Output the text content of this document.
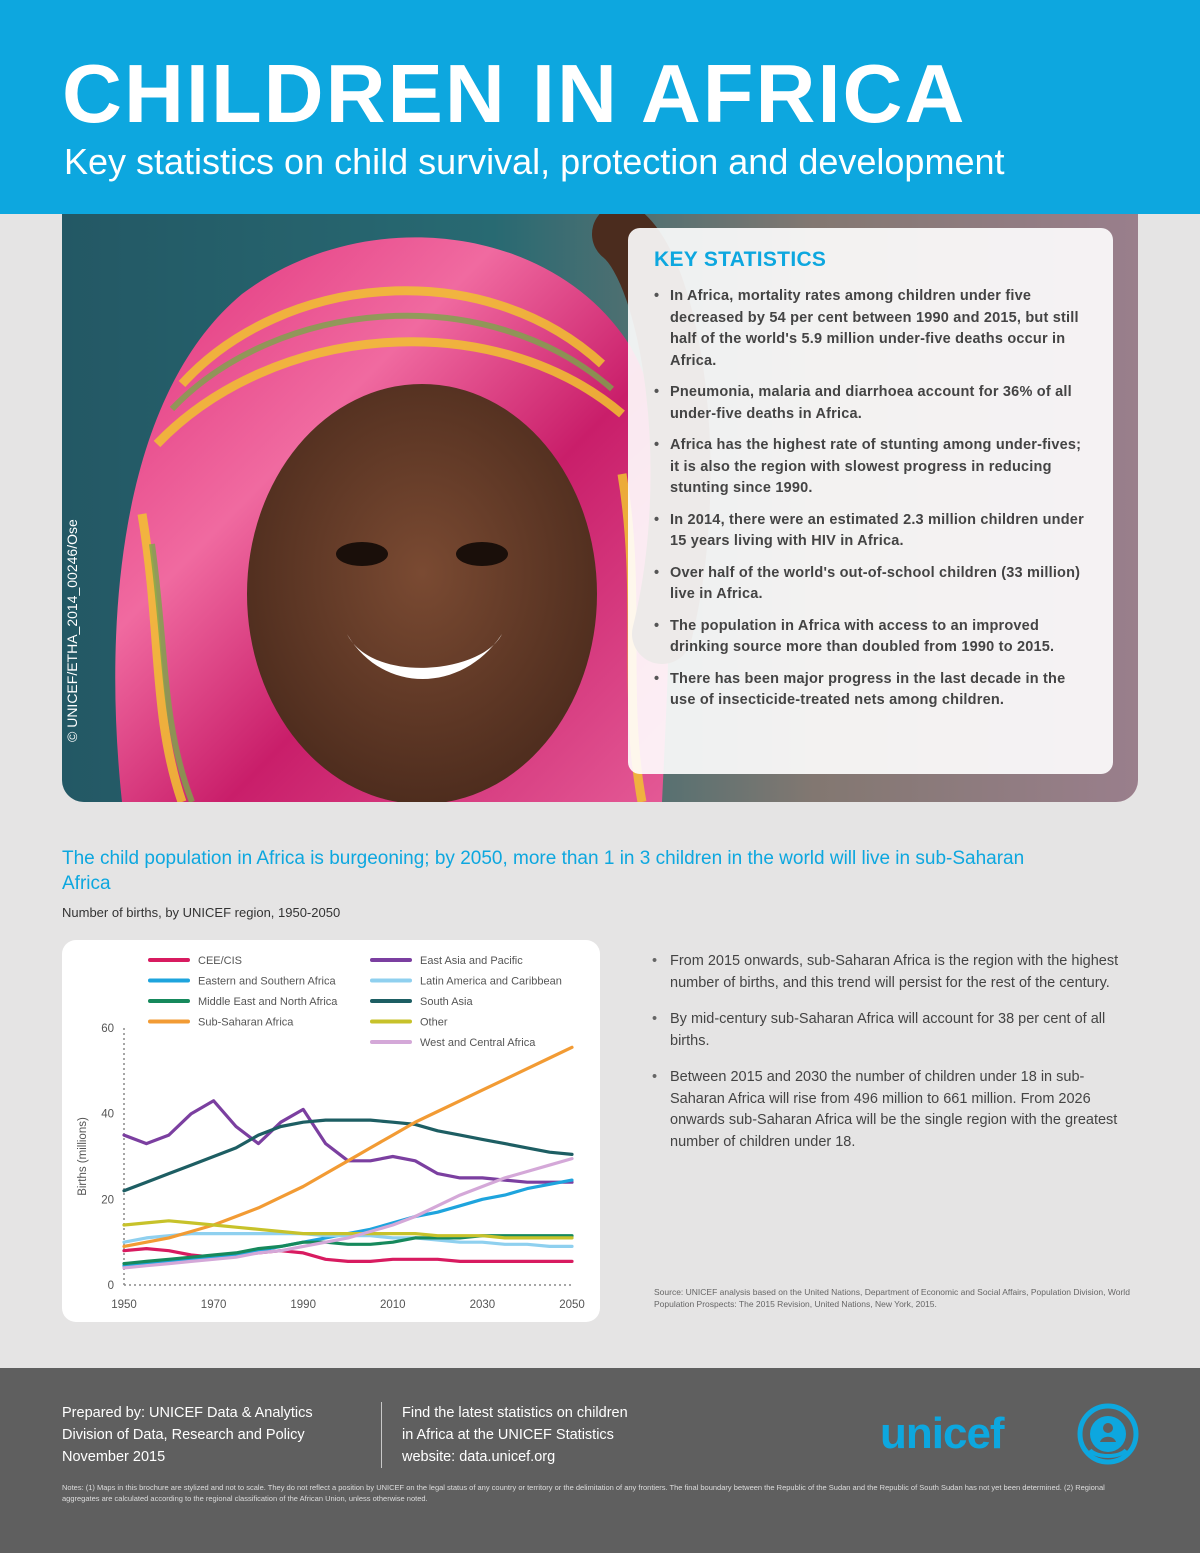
CHILDREN IN AFRICA
Key statistics on child survival, protection and development
© UNICEF/ETHA_2014_00246/Ose
KEY STATISTICS
• In Africa, mortality rates among children under five decreased by 54 per cent between 1990 and 2015, but still half of the world's 5.9 million under-five deaths occur in Africa.
• Pneumonia, malaria and diarrhoea account for 36% of all under-five deaths in Africa.
• Africa has the highest rate of stunting among under-fives; it is also the region with slowest progress in reducing stunting since 1990.
• In 2014, there were an estimated 2.3 million children under 15 years living with HIV in Africa.
• Over half of the world's out-of-school children (33 million) live in Africa.
• The population in Africa with access to an improved drinking source more than doubled from 1990 to 2015.
• There has been major progress in the last decade in the use of insecticide-treated nets among children.
The child population in Africa is burgeoning; by 2050, more than 1 in 3 children in the world will live in sub-Saharan Africa
Number of births, by UNICEF region, 1950-2050
0
20
40
60
1950	1970	1990	2010	2030	2050
Births (millions)
CEE/CIS
Eastern and Southern Africa
Middle East and North Africa
Sub-Saharan Africa
East Asia and Pacific
Latin America and Caribbean
South Asia
Other
West and Central Africa
• From 2015 onwards, sub-Saharan Africa is the region with the highest number of births, and this trend will persist for the rest of the century.
• By mid-century sub-Saharan Africa will account for 38 per cent of all births.
• Between 2015 and 2030 the number of children under 18 in sub-Saharan Africa will rise from 496 million to 661 million. From 2026 onwards sub-Saharan Africa will be the single region with the greatest number of children under 18.
Source: UNICEF analysis based on the United Nations, Department of Economic and Social Affairs, Population Division, World Population Prospects: The 2015 Revision, United Nations, New York, 2015.
Prepared by: UNICEF Data & Analytics
Division of Data, Research and Policy
November 2015
Find the latest statistics on children
in Africa at the UNICEF Statistics
website: data.unicef.org	unicef
Notes: (1) Maps in this brochure are stylized and not to scale. They do not reflect a position by UNICEF on the legal status of any country or territory or the delimitation of any frontiers. The final boundary between the Republic of the Sudan and the Republic of South Sudan has not yet been determined. (2) Regional aggregates are calculated according to the regional classification of the African Union, unless otherwise noted.
